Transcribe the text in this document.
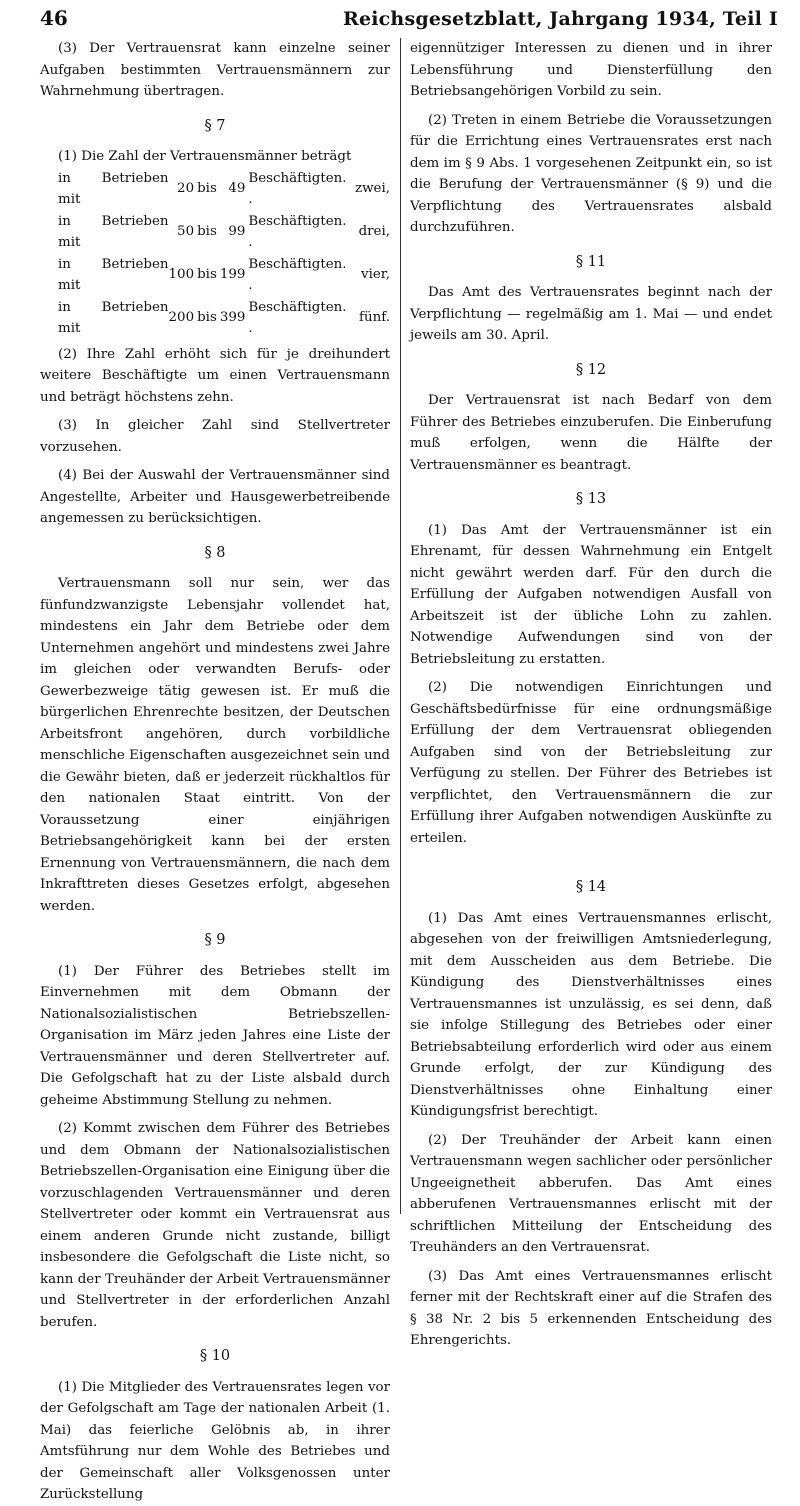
46	Reichsgesetzblatt, Jahrgang 1934, Teil I

(3) Der Vertrauensrat kann einzelne seiner Aufgaben bestimmten Vertrauensmännern zur Wahrnehmung übertragen.

§ 7

(1) Die Zahl der Vertrauensmänner beträgt

in Betrieben mit	20	bis	49	Beschäftigten. .	zwei,
in Betrieben mit	50	bis	99	Beschäftigten. .	drei,
in Betrieben mit	100	bis	199	Beschäftigten. .	vier,
in Betrieben mit	200	bis	399	Beschäftigten. .	fünf.

(2) Ihre Zahl erhöht sich für je dreihundert weitere Beschäftigte um einen Vertrauensmann und beträgt höchstens zehn.

(3) In gleicher Zahl sind Stellvertreter vorzusehen.

(4) Bei der Auswahl der Vertrauensmänner sind Angestellte, Arbeiter und Hausgewerbetreibende angemessen zu berücksichtigen.

§ 8

Vertrauensmann soll nur sein, wer das fünfundzwanzigste Lebensjahr vollendet hat, mindestens ein Jahr dem Betriebe oder dem Unternehmen angehört und mindestens zwei Jahre im gleichen oder verwandten Berufs- oder Gewerbezweige tätig gewesen ist. Er muß die bürgerlichen Ehrenrechte besitzen, der Deutschen Arbeitsfront angehören, durch vorbildliche menschliche Eigenschaften ausgezeichnet sein und die Gewähr bieten, daß er jederzeit rückhaltlos für den nationalen Staat eintritt. Von der Voraussetzung einer einjährigen Betriebsangehörigkeit kann bei der ersten Ernennung von Vertrauensmännern, die nach dem Inkrafttreten dieses Gesetzes erfolgt, abgesehen werden.

§ 9

(1) Der Führer des Betriebes stellt im Einvernehmen mit dem Obmann der Nationalsozialistischen Betriebszellen-Organisation im März jeden Jahres eine Liste der Vertrauensmänner und deren Stellvertreter auf. Die Gefolgschaft hat zu der Liste alsbald durch geheime Abstimmung Stellung zu nehmen.

(2) Kommt zwischen dem Führer des Betriebes und dem Obmann der Nationalsozialistischen Betriebszellen-Organisation eine Einigung über die vorzuschlagenden Vertrauensmänner und deren Stellvertreter oder kommt ein Vertrauensrat aus einem anderen Grunde nicht zustande, billigt insbesondere die Gefolgschaft die Liste nicht, so kann der Treuhänder der Arbeit Vertrauensmänner und Stellvertreter in der erforderlichen Anzahl berufen.

§ 10

(1) Die Mitglieder des Vertrauensrates legen vor der Gefolgschaft am Tage der nationalen Arbeit (1. Mai) das feierliche Gelöbnis ab, in ihrer Amtsführung nur dem Wohle des Betriebes und der Gemeinschaft aller Volksgenossen unter Zurückstellung

eigennütziger Interessen zu dienen und in ihrer Lebensführung und Diensterfüllung den Betriebsangehörigen Vorbild zu sein.

(2) Treten in einem Betriebe die Voraussetzungen für die Errichtung eines Vertrauensrates erst nach dem im § 9 Abs. 1 vorgesehenen Zeitpunkt ein, so ist die Berufung der Vertrauensmänner (§ 9) und die Verpflichtung des Vertrauensrates alsbald durchzuführen.

§ 11

Das Amt des Vertrauensrates beginnt nach der Verpflichtung — regelmäßig am 1. Mai — und endet jeweils am 30. April.

§ 12

Der Vertrauensrat ist nach Bedarf von dem Führer des Betriebes einzuberufen. Die Einberufung muß erfolgen, wenn die Hälfte der Vertrauensmänner es beantragt.

§ 13

(1) Das Amt der Vertrauensmänner ist ein Ehrenamt, für dessen Wahrnehmung ein Entgelt nicht gewährt werden darf. Für den durch die Erfüllung der Aufgaben notwendigen Ausfall von Arbeitszeit ist der übliche Lohn zu zahlen. Notwendige Aufwendungen sind von der Betriebsleitung zu erstatten.

(2) Die notwendigen Einrichtungen und Geschäftsbedürfnisse für eine ordnungsmäßige Erfüllung der dem Vertrauensrat obliegenden Aufgaben sind von der Betriebsleitung zur Verfügung zu stellen. Der Führer des Betriebes ist verpflichtet, den Vertrauensmännern die zur Erfüllung ihrer Aufgaben notwendigen Auskünfte zu erteilen.

§ 14

(1) Das Amt eines Vertrauensmannes erlischt, abgesehen von der freiwilligen Amtsniederlegung, mit dem Ausscheiden aus dem Betriebe. Die Kündigung des Dienstverhältnisses eines Vertrauensmannes ist unzulässig, es sei denn, daß sie infolge Stillegung des Betriebes oder einer Betriebsabteilung erforderlich wird oder aus einem Grunde erfolgt, der zur Kündigung des Dienstverhältnisses ohne Einhaltung einer Kündigungsfrist berechtigt.

(2) Der Treuhänder der Arbeit kann einen Vertrauensmann wegen sachlicher oder persönlicher Ungeeignetheit abberufen. Das Amt eines abberufenen Vertrauensmannes erlischt mit der schriftlichen Mitteilung der Entscheidung des Treuhänders an den Vertrauensrat.

(3) Das Amt eines Vertrauensmannes erlischt ferner mit der Rechtskraft einer auf die Strafen des § 38 Nr. 2 bis 5 erkennenden Entscheidung des Ehrengerichts.
